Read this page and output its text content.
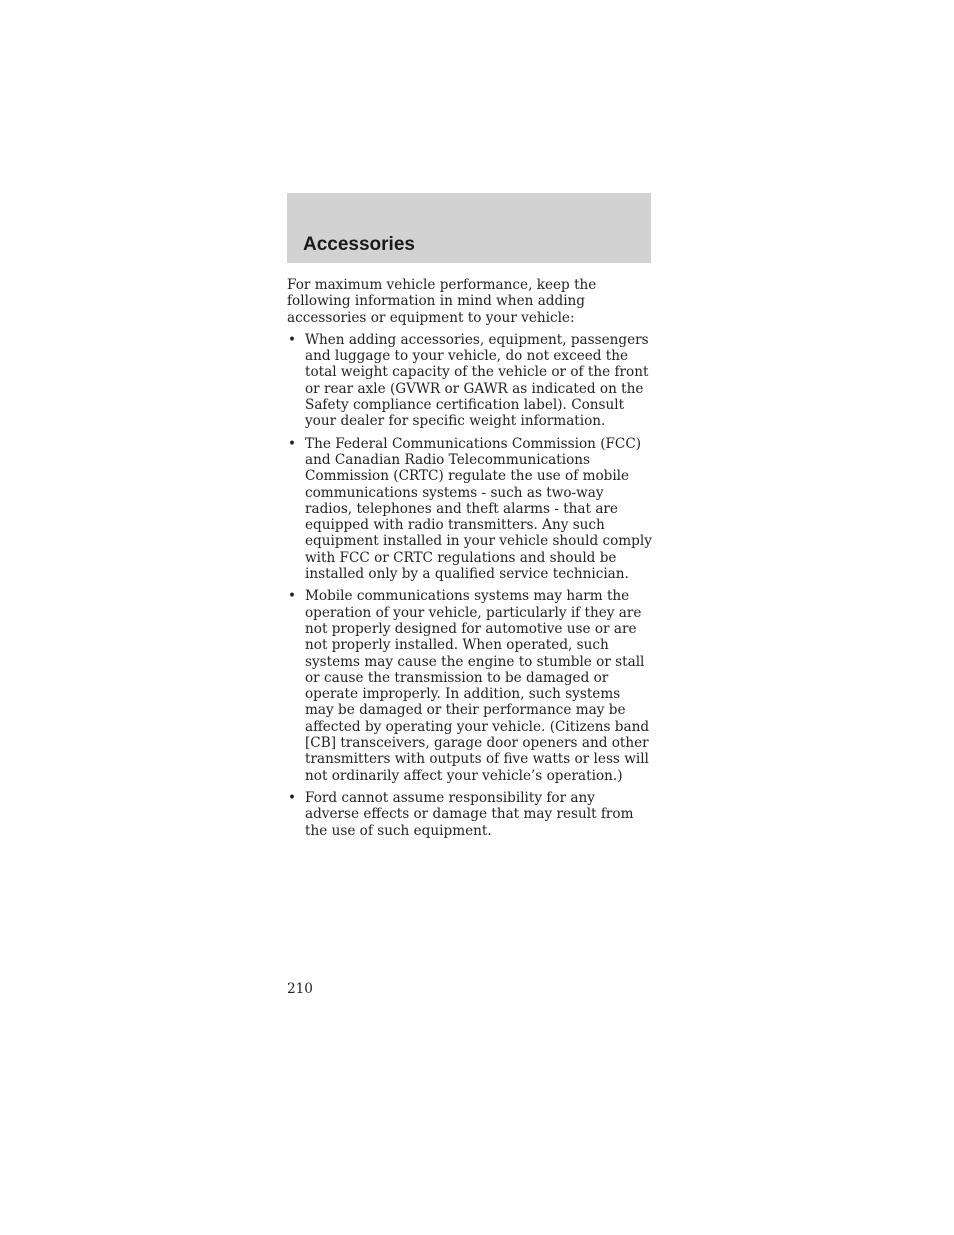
Accessories

For maximum vehicle performance, keep the following information in mind when adding accessories or equipment to your vehicle:

• When adding accessories, equipment, passengers and luggage to your vehicle, do not exceed the total weight capacity of the vehicle or of the front or rear axle (GVWR or GAWR as indicated on the Safety compliance certification label). Consult your dealer for specific weight information.
• The Federal Communications Commission (FCC) and Canadian Radio Telecommunications Commission (CRTC) regulate the use of mobile communications systems - such as two-way radios, telephones and theft alarms - that are equipped with radio transmitters. Any such equipment installed in your vehicle should comply with FCC or CRTC regulations and should be installed only by a qualified service technician.
• Mobile communications systems may harm the operation of your vehicle, particularly if they are not properly designed for automotive use or are not properly installed. When operated, such systems may cause the engine to stumble or stall or cause the transmission to be damaged or operate improperly. In addition, such systems may be damaged or their performance may be affected by operating your vehicle. (Citizens band [CB] transceivers, garage door openers and other transmitters with outputs of five watts or less will not ordinarily affect your vehicle’s operation.)
• Ford cannot assume responsibility for any adverse effects or damage that may result from the use of such equipment.
210
